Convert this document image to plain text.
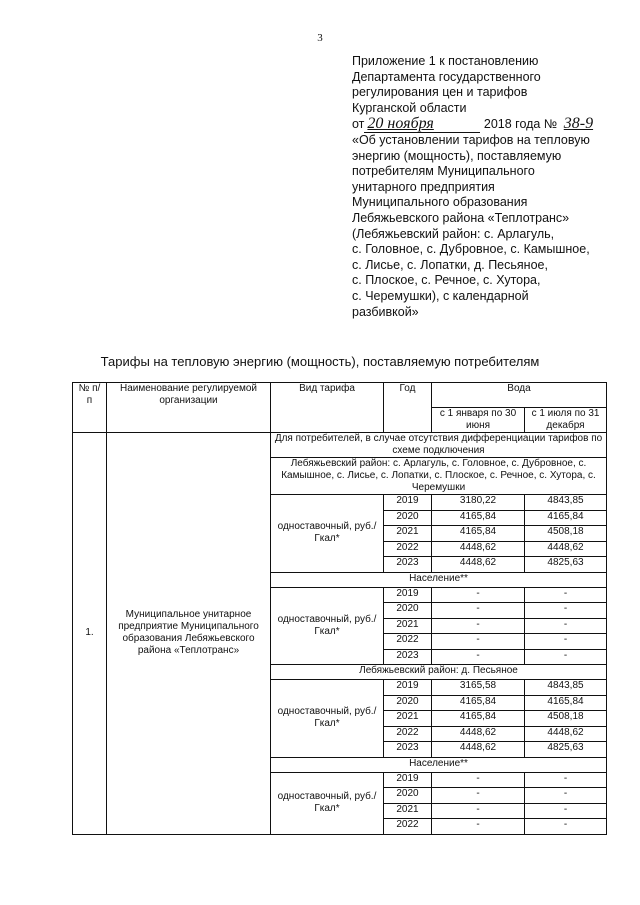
3
Приложение 1 к постановлению
Департамента государственного
регулирования цен и тарифов
Курганской области
от 20 ноября	2018 года № 38-9
«Об установлении тарифов на тепловую
энергию (мощность), поставляемую
потребителям Муниципального
унитарного предприятия
Муниципального образования
Лебяжьевского района «Теплотранс»
(Лебяжьевский район: с. Арлагуль,
с. Головное, с. Дубровное, с. Камышное,
с. Лисье, с. Лопатки, д. Песьяное,
с. Плоское, с. Речное, с. Хутора,
с. Черемушки), с календарной
разбивкой»
Тарифы на тепловую энергию (мощность), поставляемую потребителям
№ п/п	Наименование регулируемой организации	Вид тарифа	Год	Вода	
				с 1 января по 30 июня	с 1 июля по 31 декабря
1.	Муниципальное унитарное предприятие Муниципального образования Лебяжьевского района «Теплотранс»	Для потребителей, в случае отсутствия дифференциации тарифов по схеме подключения			
		Лебяжьевский район: с. Арлагуль, с. Головное, с. Дубровное, с. Камышное, с. Лисье, с. Лопатки, с. Плоское, с. Речное, с. Хутора, с. Черемушки			
		одноставочный, руб./Гкал*	2019	3180,22	4843,85
			2020	4165,84	4165,84
			2021	4165,84	4508,18
			2022	4448,62	4448,62
			2023	4448,62	4825,63
		Население**			
		одноставочный, руб./Гкал*	2019	-	-
			2020	-	-
			2021	-	-
			2022	-	-
			2023	-	-
		Лебяжьевский район: д. Песьяное			
		одноставочный, руб./Гкал*	2019	3165,58	4843,85
			2020	4165,84	4165,84
			2021	4165,84	4508,18
			2022	4448,62	4448,62
			2023	4448,62	4825,63
		Население**			
		одноставочный, руб./Гкал*	2019	-	-
			2020	-	-
			2021	-	-
			2022	-	-
